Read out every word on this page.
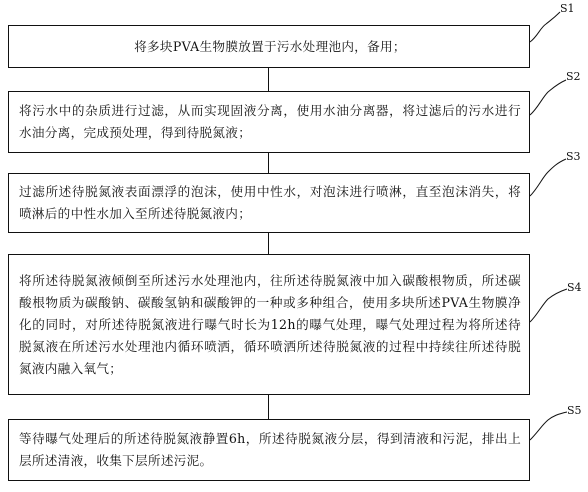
将多块PVA生物膜放置于污水处理池内，备用；
将污水中的杂质进行过滤，从而实现固液分离，使用水油分离器，将过滤后的污水进行水油分离，完成预处理，得到待脱氮液；
过滤所述待脱氮液表面漂浮的泡沫，使用中性水，对泡沫进行喷淋，直至泡沫消失，将喷淋后的中性水加入至所述待脱氮液内；
将所述待脱氮液倾倒至所述污水处理池内，往所述待脱氮液中加入碳酸根物质，所述碳酸根物质为碳酸钠、碳酸氢钠和碳酸钾的一种或多种组合，使用多块所述PVA生物膜净化的同时，对所述待脱氮液进行曝气时长为12h的曝气处理，曝气处理过程为将所述待脱氮液在所述污水处理池内循环喷洒，循环喷洒所述待脱氮液的过程中持续往所述待脱氮液内融入氧气；
等待曝气处理后的所述待脱氮液静置6h，所述待脱氮液分层，得到清液和污泥，排出上层所述清液，收集下层所述污泥。
S1
S2
S3
S4
S5
